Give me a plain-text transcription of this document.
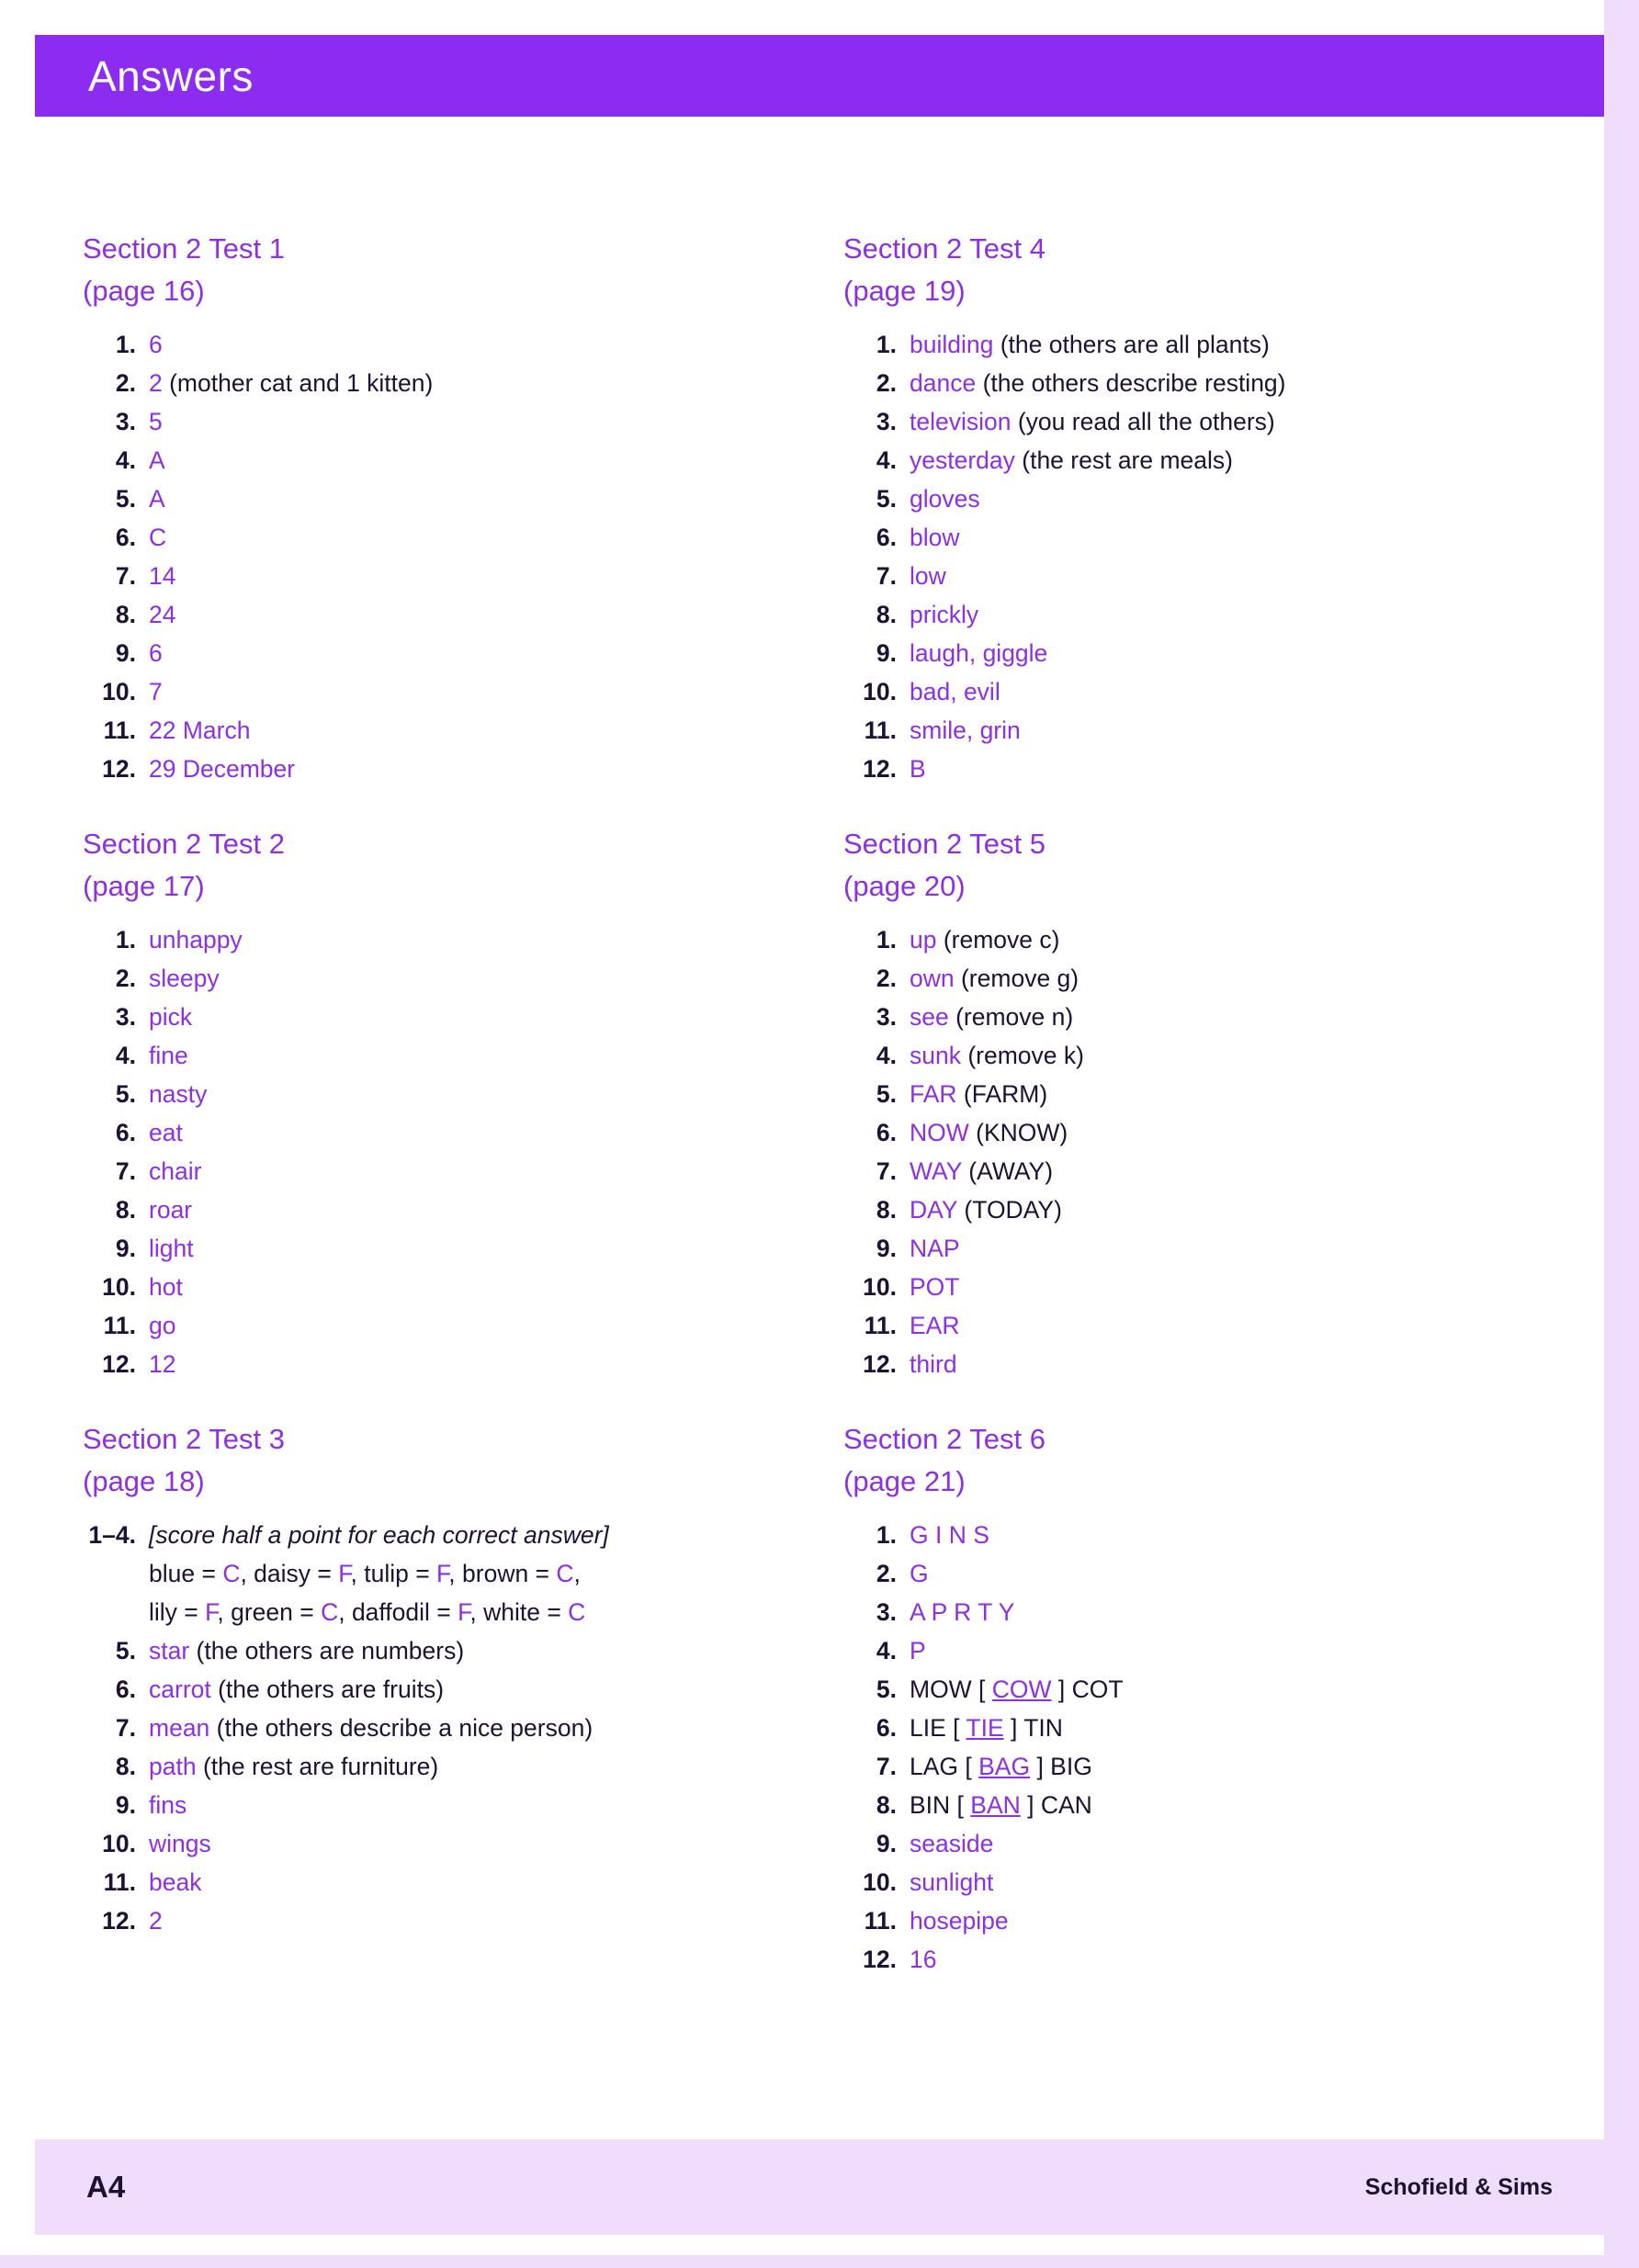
Answers
Section 2 Test 1
(page 16)
1. 6
2. 2 (mother cat and 1 kitten)
3. 5
4. A
5. A
6. C
7. 14
8. 24
9. 6
10. 7
11. 22 March
12. 29 December
Section 2 Test 2
(page 17)
1. unhappy
2. sleepy
3. pick
4. fine
5. nasty
6. eat
7. chair
8. roar
9. light
10. hot
11. go
12. 12
Section 2 Test 3
(page 18)
1–4. [score half a point for each correct answer]
blue = C, daisy = F, tulip = F, brown = C,
lily = F, green = C, daffodil = F, white = C
5. star (the others are numbers)
6. carrot (the others are fruits)
7. mean (the others describe a nice person)
8. path (the rest are furniture)
9. fins
10. wings
11. beak
12. 2
Section 2 Test 4
(page 19)
1. building (the others are all plants)
2. dance (the others describe resting)
3. television (you read all the others)
4. yesterday (the rest are meals)
5. gloves
6. blow
7. low
8. prickly
9. laugh, giggle
10. bad, evil
11. smile, grin
12. B
Section 2 Test 5
(page 20)
1. up (remove c)
2. own (remove g)
3. see (remove n)
4. sunk (remove k)
5. FAR (FARM)
6. NOW (KNOW)
7. WAY (AWAY)
8. DAY (TODAY)
9. NAP
10. POT
11. EAR
12. third
Section 2 Test 6
(page 21)
1. G I N S
2. G
3. A P R T Y
4. P
5. MOW [ COW ] COT
6. LIE [ TIE ] TIN
7. LAG [ BAG ] BIG
8. BIN [ BAN ] CAN
9. seaside
10. sunlight
11. hosepipe
12. 16
A4	Schofield & Sims
